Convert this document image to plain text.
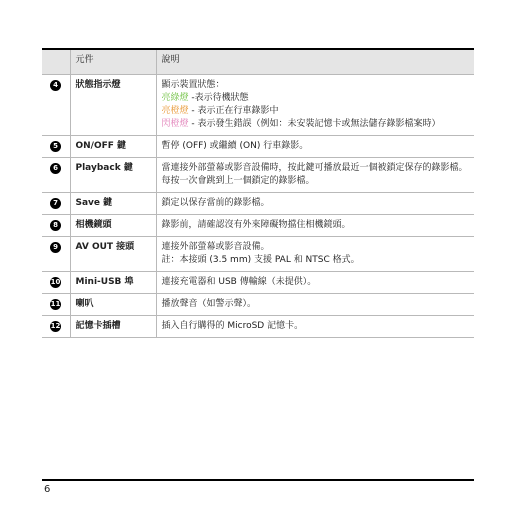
	元件	說明
4	狀態指示燈	顯示裝置狀態：
亮綠燈 -表示待機狀態
亮橙燈 - 表示正在行車錄影中
閃橙燈 - 表示發生錯誤（例如：未安裝記憶卡或無法儲存錄影檔案時）

5	ON/OFF 鍵	暫停 (OFF) 或繼續 (ON) 行車錄影。

6	Playback 鍵	當連接外部螢幕或影音設備時，按此鍵可播放最近一個被鎖定保存的錄影檔。每按一次會跳到上一個鎖定的錄影檔。

7	Save 鍵	鎖定以保存當前的錄影檔。

8	相機鏡頭	錄影前，請確認沒有外來障礙物擋住相機鏡頭。

9	AV OUT 接頭	連接外部螢幕或影音設備。
註：本接頭 (3.5 mm) 支援 PAL 和 NTSC 格式。

10	Mini-USB 埠	連接充電器和 USB 傳輸線（未提供）。

11	喇叭	播放聲音（如警示聲）。

12	記憶卡插槽	插入自行購得的 MicroSD 記憶卡。
6
